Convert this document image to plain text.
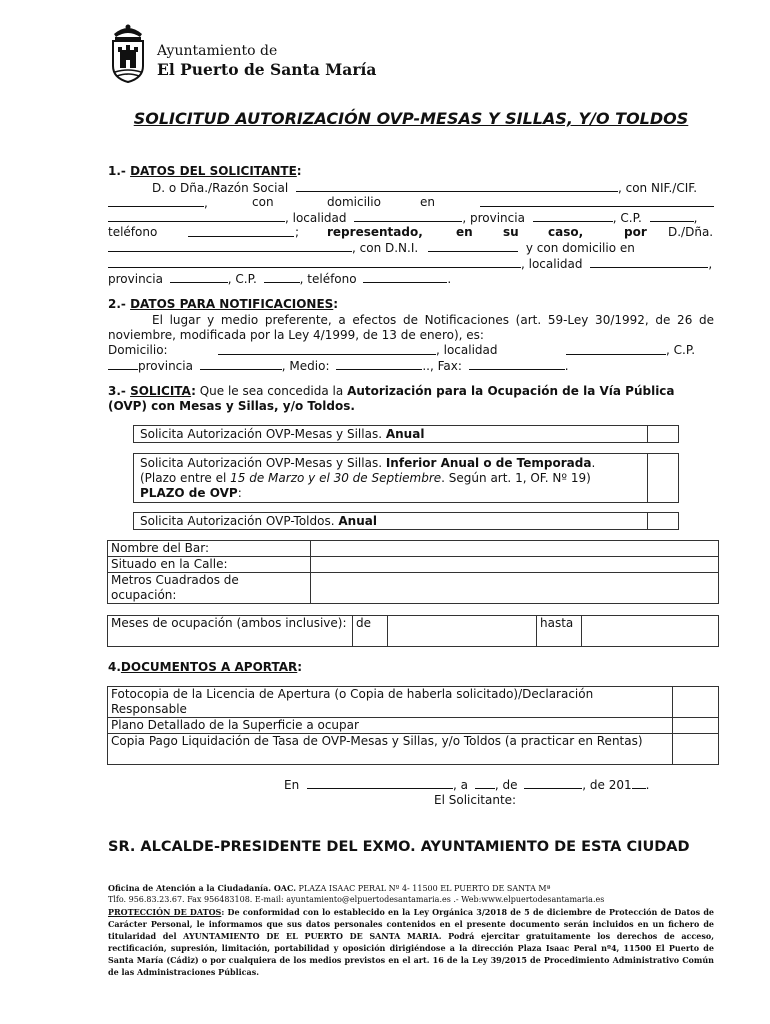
Ayuntamiento de
El Puerto de Santa María
SOLICITUD AUTORIZACIÓN OVP-MESAS Y SILLAS, Y/O TOLDOS
1.- DATOS DEL SOLICITANTE:
D. o Dña./Razón Social	, con NIF./CIF.
,	con	domicilio	en
, localidad	, provincia	, C.P.	,
teléfono	; representado,	en	su caso,	por D./Dña.
, con D.N.I.	y con domicilio en
, localidad	,
provincia	, C.P.	, teléfono	.
2.- DATOS PARA NOTIFICACIONES:
El lugar y medio preferente, a efectos de Notificaciones (art. 59-Ley 30/1992, de 26 de noviembre, modificada por la Ley 4/1999, de 13 de enero), es:
Domicilio:	, localidad	, C.P.
provincia	, Medio:	.., Fax:	.
3.- SOLICITA: Que le sea concedida la Autorización para la Ocupación de la Vía Pública (OVP) con Mesas y Sillas, y/o Toldos.
Solicita Autorización OVP-Mesas y Sillas. Anual
Solicita Autorización OVP-Mesas y Sillas. Inferior Anual o de Temporada.
(Plazo entre el 15 de Marzo y el 30 de Septiembre. Según art. 1, OF. Nº 19)
PLAZO de OVP:
Solicita Autorización OVP-Toldos. Anual
Nombre del Bar:	
Situado en la Calle:	
Metros Cuadrados de ocupación:	
Meses de ocupación (ambos inclusive):	de		hasta	
4.DOCUMENTOS A APORTAR:
Fotocopia de la Licencia de Apertura (o Copia de haberla solicitado)/Declaración Responsable	
Plano Detallado de la Superficie a ocupar	
Copia Pago Liquidación de Tasa de OVP-Mesas y Sillas, y/o Toldos (a practicar en Rentas)	
En	, a , de	, de 201 .
El Solicitante:
SR. ALCALDE-PRESIDENTE DEL EXMO. AYUNTAMIENTO DE ESTA CIUDAD
Oficina de Atención a la Ciudadanía. OAC. PLAZA ISAAC PERAL Nº 4- 11500 EL PUERTO DE SANTA Mª
Tlfo. 956.83.23.67. Fax 956483108. E-mail: ayuntamiento@elpuertodesantamaria.es .- Web:www.elpuertodesantamaria.es
PROTECCIÓN DE DATOS: De conformidad con lo establecido en la Ley Orgánica 3/2018 de 5 de diciembre de Protección de Datos de Carácter Personal, le informamos que sus datos personales contenidos en el presente documento serán incluidos en un fichero de titularidad del AYUNTAMIENTO DE EL PUERTO DE SANTA MARIA. Podrá ejercitar gratuitamente los derechos de acceso, rectificación, supresión, limitación, portabilidad y oposición dirigiéndose a la dirección Plaza Isaac Peral nº4, 11500 El Puerto de Santa María (Cádiz) o por cualquiera de los medios previstos en el art. 16 de la Ley 39/2015 de Procedimiento Administrativo Común de las Administraciones Públicas.
